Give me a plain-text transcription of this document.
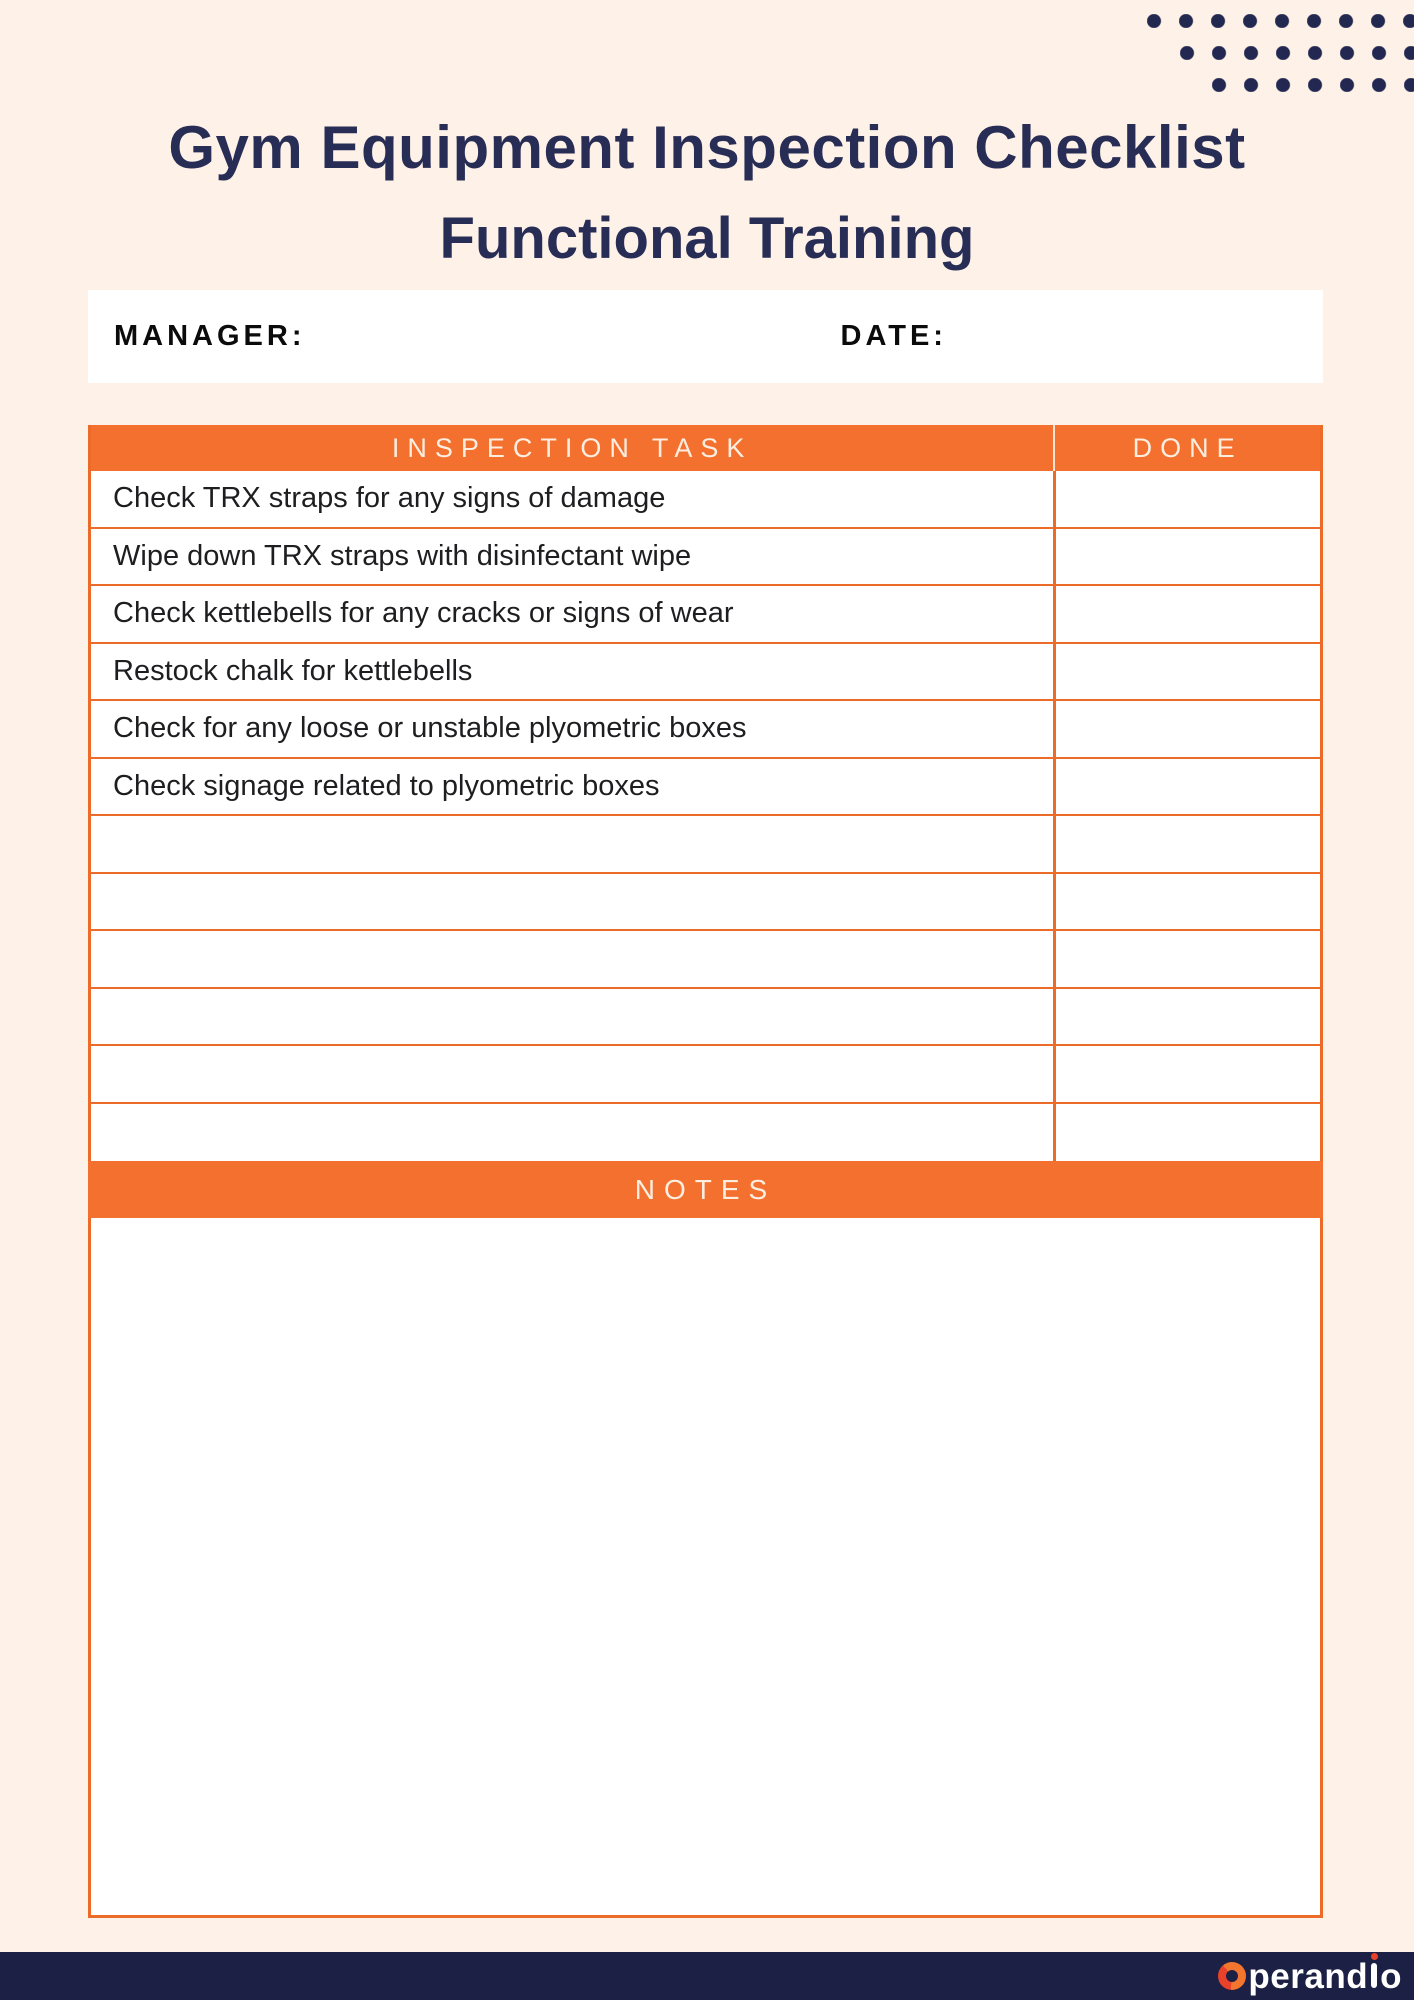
Gym Equipment Inspection Checklist
Functional Training
MANAGER:	DATE:
INSPECTION TASK	DONE
Check TRX straps for any signs of damage
Wipe down TRX straps with disinfectant wipe
Check kettlebells for any cracks or signs of wear
Restock chalk for kettlebells
Check for any loose or unstable plyometric boxes
Check signage related to plyometric boxes
NOTES
perand o
